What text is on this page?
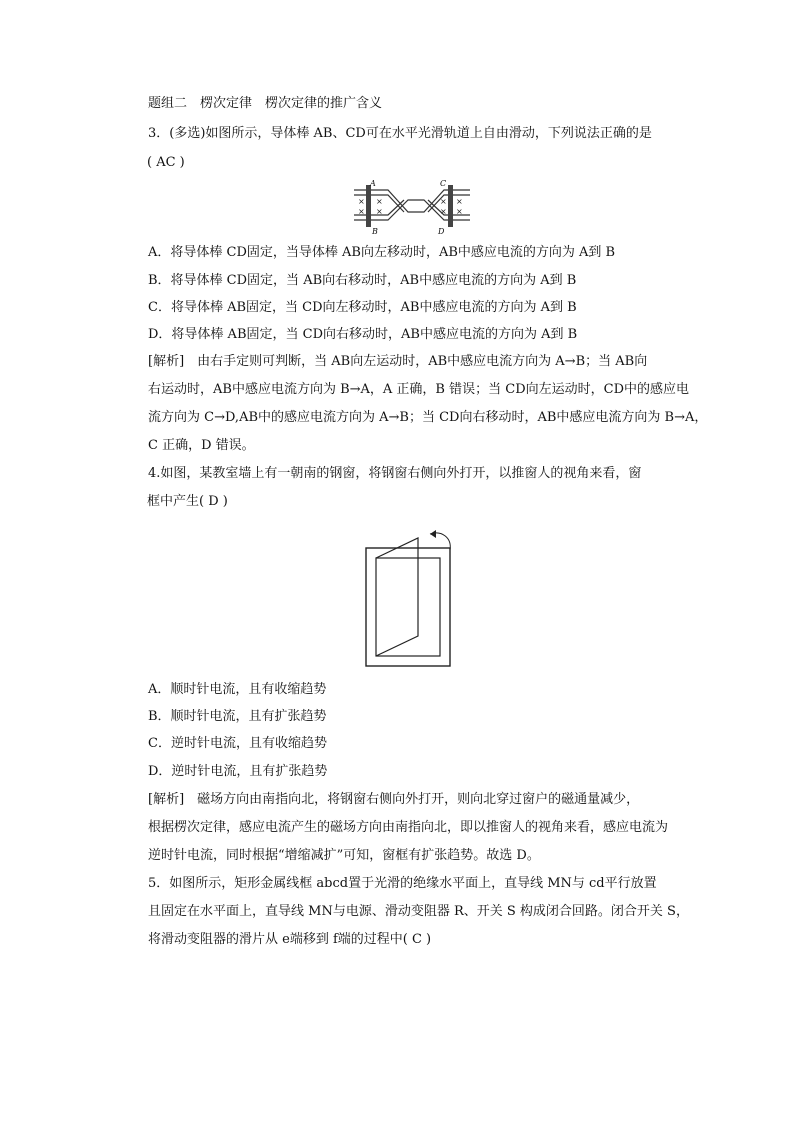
题组二　楞次定律　楞次定律的推广含义
3．(多选)如图所示，导体棒 AB、CD可在水平光滑轨道上自由滑动，下列说法正确的是
( AC )
A
B
C
D
×
×
×
×
×
×
×
×
A．将导体棒 CD固定，当导体棒 AB向左移动时，AB中感应电流的方向为 A到 B
B．将导体棒 CD固定，当 AB向右移动时，AB中感应电流的方向为 A到 B
C．将导体棒 AB固定，当 CD向左移动时，AB中感应电流的方向为 A到 B
D．将导体棒 AB固定，当 CD向右移动时，AB中感应电流的方向为 A到 B
[解析]　由右手定则可判断，当 AB向左运动时，AB中感应电流方向为 A→B；当 AB向
右运动时，AB中感应电流方向为 B→A，A 正确，B 错误；当 CD向左运动时，CD中的感应电
流方向为 C→D,AB中的感应电流方向为 A→B；当 CD向右移动时，AB中感应电流方向为 B→A，
C 正确，D 错误。
4.如图，某教室墙上有一朝南的钢窗，将钢窗右侧向外打开，以推窗人的视角来看，窗
框中产生( D )
A．顺时针电流，且有收缩趋势
B．顺时针电流，且有扩张趋势
C．逆时针电流，且有收缩趋势
D．逆时针电流，且有扩张趋势
[解析]　磁场方向由南指向北，将钢窗右侧向外打开，则向北穿过窗户的磁通量减少，
根据楞次定律，感应电流产生的磁场方向由南指向北，即以推窗人的视角来看，感应电流为
逆时针电流，同时根据“增缩减扩”可知，窗框有扩张趋势。故选 D。
5．如图所示，矩形金属线框 abcd置于光滑的绝缘水平面上，直导线 MN与 cd平行放置
且固定在水平面上，直导线 MN与电源、滑动变阻器 R、开关 S 构成闭合回路。闭合开关 S，
将滑动变阻器的滑片从 e端移到 f端的过程中( C )
